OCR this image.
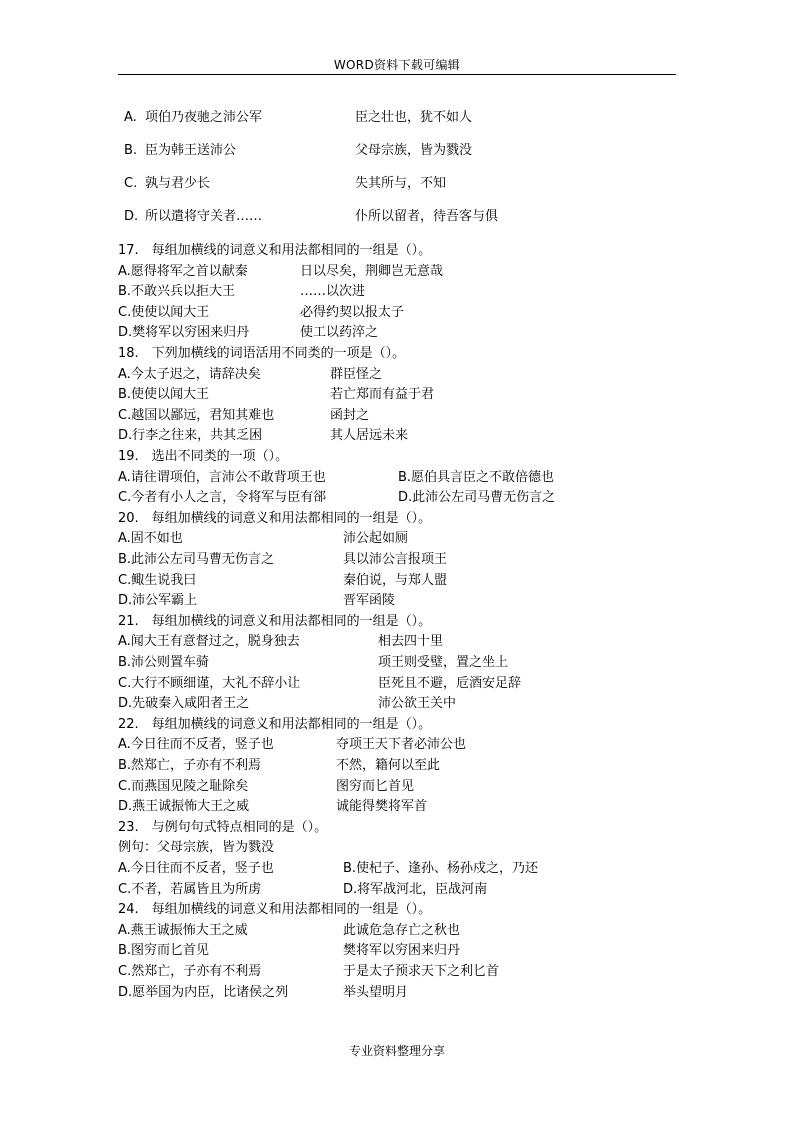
WORD资料下载可编辑
A. 项伯乃夜驰之沛公军	臣之壮也，犹不如人
B. 臣为韩王送沛公	父母宗族，皆为戮没
C. 孰与君少长	失其所与，不知
D. 所以遣将守关者……	仆所以留者，待吾客与俱
17.　每组加横线的词意义和用法都相同的一组是（）。
A.愿得将军之首以献秦	日以尽矣，荆卿岂无意哉
B.不敢兴兵以拒大王	……以次进
C.使使以闻大王	必得约契以报太子
D.樊将军以穷困来归丹	使工以药淬之
18.　下列加横线的词语活用不同类的一项是（）。
A.今太子迟之，请辞决矣	群臣怪之
B.使使以闻大王	若亡郑而有益于君
C.越国以鄙远，君知其难也	函封之
D.行李之往来，共其乏困	其人居远未来
19.　选出不同类的一项（）。
A.请往谓项伯，言沛公不敢背项王也	B.愿伯具言臣之不敢倍德也
C.今者有小人之言，令将军与臣有郤	D.此沛公左司马曹无伤言之
20.　每组加横线的词意义和用法都相同的一组是（）。
A.固不如也	沛公起如厕
B.此沛公左司马曹无伤言之	具以沛公言报项王
C.鲰生说我曰	秦伯说，与郑人盟
D.沛公军霸上	晋军函陵
21.　每组加横线的词意义和用法都相同的一组是（）。
A.闻大王有意督过之，脱身独去	相去四十里
B.沛公则置车骑	项王则受璧，置之坐上
C.大行不顾细谨，大礼不辞小让	臣死且不避，卮酒安足辞
D.先破秦入咸阳者王之	沛公欲王关中
22.　每组加横线的词意义和用法都相同的一组是（）。
A.今日往而不反者，竖子也	夺项王天下者必沛公也
B.然郑亡，子亦有不利焉	不然，籍何以至此
C.而燕国见陵之耻除矣	图穷而匕首见
D.燕王诚振怖大王之威	诚能得樊将军首
23.　与例句句式特点相同的是（）。
例句：父母宗族，皆为戮没
A.今日往而不反者，竖子也	B.使杞子、逢孙、杨孙戍之，乃还
C.不者，若属皆且为所虏	D.将军战河北，臣战河南
24.　每组加横线的词意义和用法都相同的一组是（）。
A.燕王诚振怖大王之威	此诚危急存亡之秋也
B.图穷而匕首见	樊将军以穷困来归丹
C.然郑亡，子亦有不利焉	于是太子预求天下之利匕首
D.愿举国为内臣，比诸侯之列	举头望明月
专业资料整理分享
